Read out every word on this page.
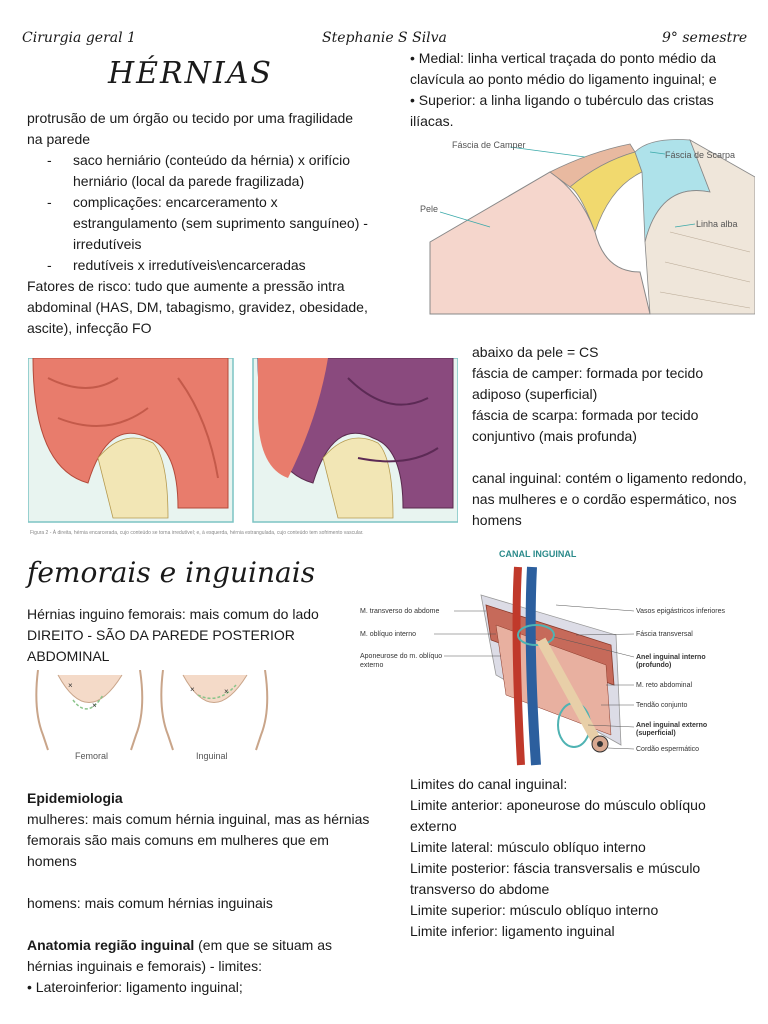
Cirurgia geral 1	Stephanie S Silva	9° semestre
HÉRNIAS

protrusão de um órgão ou tecido por uma fragilidade na parede

- saco herniário (conteúdo da hérnia) x orifício herniário (local da parede fragilizada)
- complicações: encarceramento x estrangulamento (sem suprimento sanguíneo) - irredutíveis
- redutíveis x irredutíveis\encarceradas

Fatores de risco: tudo que aumente a pressão intra abdominal (HAS, DM, tabagismo, gravidez, obesidade, ascite), infecção FO

• Medial: linha vertical traçada do ponto médio da clavícula ao ponto médio do ligamento inguinal; e

• Superior: a linha ligando o tubérculo das cristas ilíacas.

Fáscia de Camper
Fáscia de Scarpa
Pele
Linha alba
Figura 2 - À direita, hérnia encarcerada, cujo conteúdo se torna irredutível; e, à esquerda, hérnia estrangulada, cujo conteúdo tem sofrimento vascular.

abaixo da pele = CS

fáscia de camper: formada por tecido adiposo (superficial)

fáscia de scarpa: formada por tecido conjuntivo (mais profunda)

canal inguinal: contém o ligamento redondo, nas mulheres e o cordão espermático, nos homens

femorais e inguinais
Hérnias inguino femorais: mais comum do lado DIREITO - SÃO DA PAREDE POSTERIOR ABDOMINAL
×
×
×
×
Femoral	Inguinal
CANAL INGUINAL
M. transverso do abdome
M. oblíquo interno
Aponeurose do m. oblíquo
externo
Vasos epigástricos inferiores
Fáscia transversal
Anel inguinal interno
(profundo)
M. reto abdominal
Tendão conjunto
Anel inguinal externo
(superficial)
Cordão espermático

Epidemiologia

mulheres: mais comum hérnia inguinal, mas as hérnias femorais são mais comuns em mulheres que em homens

homens: mais comum hérnias inguinais

Anatomia região inguinal (em que se situam as hérnias inguinais e femorais) - limites:

• Lateroinferior: ligamento inguinal;

Limites do canal inguinal:

Limite anterior: aponeurose do músculo oblíquo externo

Limite lateral: músculo oblíquo interno

Limite posterior: fáscia transversalis e músculo transverso do abdome

Limite superior: músculo oblíquo interno

Limite inferior: ligamento inguinal
